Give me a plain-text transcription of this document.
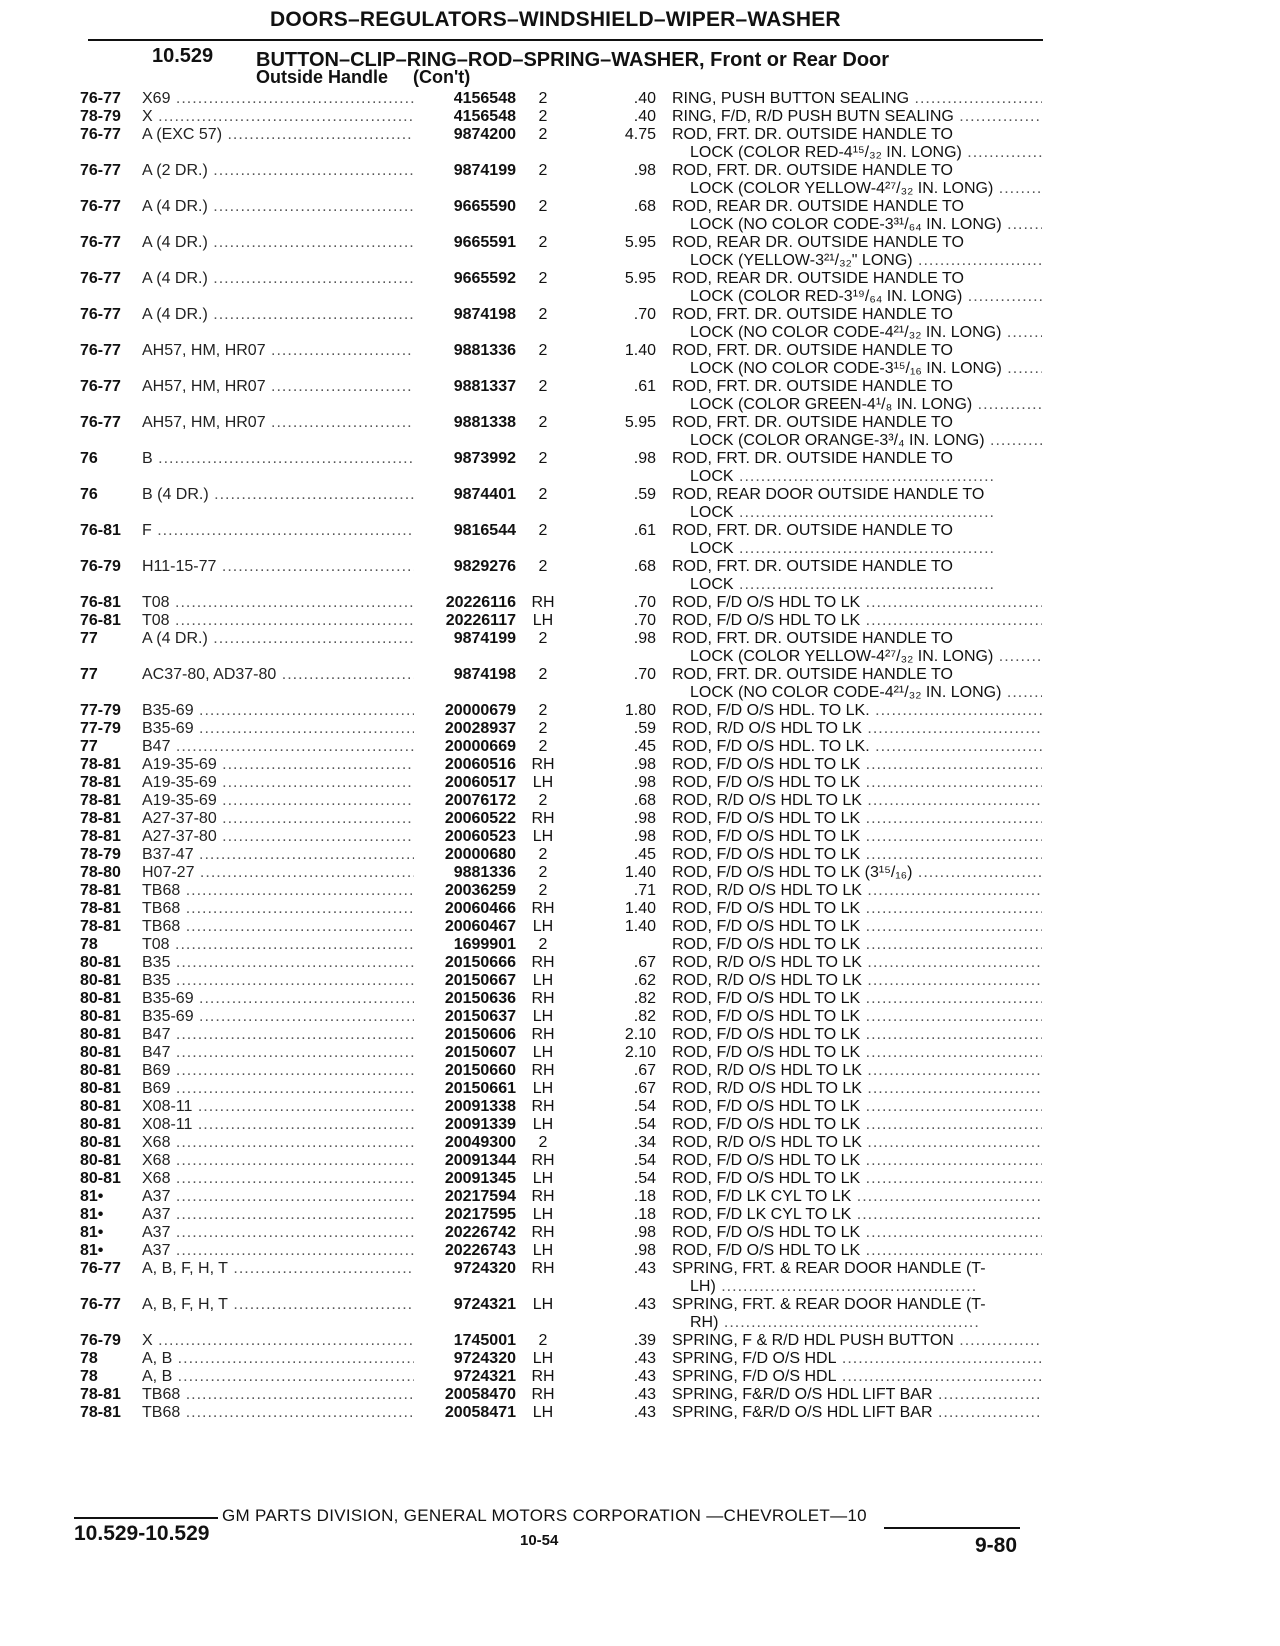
DOORS–REGULATORS–WINDSHIELD–WIPER–WASHER
10.529 BUTTON–CLIP–RING–ROD–SPRING–WASHER, Front or Rear Door
Outside Handle     (Con't)
76-77	X69 .....	4156548	2	.40 RING, PUSH BUTTON SEALING .....
78-79	X .....	4156548	2	.40 RING, F/D, R/D PUSH BUTN SEALING .....
76-77	A (EXC 57) .....	9874200	2	4.75 ROD, FRT. DR. OUTSIDE HANDLE TO
LOCK (COLOR RED-4¹⁵/₃₂ IN. LONG) .....
76-77	A (2 DR.) .....	9874199	2	.98 ROD, FRT. DR. OUTSIDE HANDLE TO
LOCK (COLOR YELLOW-4²⁷/₃₂ IN. LONG) .....
76-77	A (4 DR.) .....	9665590	2	.68 ROD, REAR DR. OUTSIDE HANDLE TO
LOCK (NO COLOR CODE-3³¹/₆₄ IN. LONG) .....
76-77	A (4 DR.) .....	9665591	2	5.95 ROD, REAR DR. OUTSIDE HANDLE TO
LOCK (YELLOW-3²¹/₃₂" LONG) .....
76-77	A (4 DR.) .....	9665592	2	5.95 ROD, REAR DR. OUTSIDE HANDLE TO
LOCK (COLOR RED-3¹⁹/₆₄ IN. LONG) .....
76-77	A (4 DR.) .....	9874198	2	.70 ROD, FRT. DR. OUTSIDE HANDLE TO
LOCK (NO COLOR CODE-4²¹/₃₂ IN. LONG) .....
76-77	AH57, HM, HR07 .....	9881336	2	1.40 ROD, FRT. DR. OUTSIDE HANDLE TO
LOCK (NO COLOR CODE-3¹⁵/₁₆ IN. LONG) .....
76-77	AH57, HM, HR07 .....	9881337	2	.61 ROD, FRT. DR. OUTSIDE HANDLE TO
LOCK (COLOR GREEN-4¹/₈ IN. LONG) .....
76-77	AH57, HM, HR07 .....	9881338	2	5.95 ROD, FRT. DR. OUTSIDE HANDLE TO
LOCK (COLOR ORANGE-3³/₄ IN. LONG) .....
76	B .....	9873992	2	.98 ROD, FRT. DR. OUTSIDE HANDLE TO
LOCK .....
76	B (4 DR.) .....	9874401	2	.59 ROD, REAR DOOR OUTSIDE HANDLE TO
LOCK .....
76-81	F .....	9816544	2	.61 ROD, FRT. DR. OUTSIDE HANDLE TO
LOCK .....
76-79	H11-15-77 .....	9829276	2	.68 ROD, FRT. DR. OUTSIDE HANDLE TO
LOCK .....
76-81	T08 .....	20226116 RH	.70 ROD, F/D O/S HDL TO LK .....
76-81	T08 .....	20226117 LH	.70 ROD, F/D O/S HDL TO LK .....
77	A (4 DR.) .....	9874199	2	.98 ROD, FRT. DR. OUTSIDE HANDLE TO
LOCK (COLOR YELLOW-4²⁷/₃₂ IN. LONG) .....
77	AC37-80, AD37-80 .....	9874198	2	.70 ROD, FRT. DR. OUTSIDE HANDLE TO
LOCK (NO COLOR CODE-4²¹/₃₂ IN. LONG) .....
77-79	B35-69 .....	20000679	2	1.80 ROD, F/D O/S HDL. TO LK. .....
77-79	B35-69 .....	20028937	2	.59 ROD, R/D O/S HDL TO LK .....
77	B47 .....	20000669	2	.45 ROD, F/D O/S HDL. TO LK. .....
78-81	A19-35-69 .....	20060516 RH	.98 ROD, F/D O/S HDL TO LK .....
78-81	A19-35-69 .....	20060517 LH	.98 ROD, F/D O/S HDL TO LK .....
78-81	A19-35-69 .....	20076172	2	.68 ROD, R/D O/S HDL TO LK .....
78-81	A27-37-80 .....	20060522 RH	.98 ROD, F/D O/S HDL TO LK .....
78-81	A27-37-80 .....	20060523 LH	.98 ROD, F/D O/S HDL TO LK .....
78-79	B37-47 .....	20000680	2	.45 ROD, F/D O/S HDL TO LK .....
78-80	H07-27 .....	9881336	2	1.40 ROD, F/D O/S HDL TO LK (3¹⁵/₁₆) .....
78-81	TB68 .....	20036259	2	.71 ROD, R/D O/S HDL TO LK .....
78-81	TB68 .....	20060466 RH	1.40 ROD, F/D O/S HDL TO LK .....
78-81	TB68 .....	20060467 LH	1.40 ROD, F/D O/S HDL TO LK .....
78	T08 .....	1699901	2	ROD, F/D O/S HDL TO LK .....
80-81	B35 .....	20150666 RH	.67 ROD, R/D O/S HDL TO LK .....
80-81	B35 .....	20150667 LH	.62 ROD, R/D O/S HDL TO LK .....
80-81	B35-69 .....	20150636 RH	.82 ROD, F/D O/S HDL TO LK .....
80-81	B35-69 .....	20150637 LH	.82 ROD, F/D O/S HDL TO LK .....
80-81	B47 .....	20150606 RH	2.10 ROD, F/D O/S HDL TO LK .....
80-81	B47 .....	20150607 LH	2.10 ROD, F/D O/S HDL TO LK .....
80-81	B69 .....	20150660 RH	.67 ROD, R/D O/S HDL TO LK .....
80-81	B69 .....	20150661 LH	.67 ROD, R/D O/S HDL TO LK .....
80-81	X08-11 .....	20091338 RH	.54 ROD, F/D O/S HDL TO LK .....
80-81	X08-11 .....	20091339 LH	.54 ROD, F/D O/S HDL TO LK .....
80-81	X68 .....	20049300	2	.34 ROD, R/D O/S HDL TO LK .....
80-81	X68 .....	20091344 RH	.54 ROD, F/D O/S HDL TO LK .....
80-81	X68 .....	20091345 LH	.54 ROD, F/D O/S HDL TO LK .....
81•	A37 .....	20217594 RH	.18 ROD, F/D LK CYL TO LK .....
81•	A37 .....	20217595 LH	.18 ROD, F/D LK CYL TO LK .....
81•	A37 .....	20226742 RH	.98 ROD, F/D O/S HDL TO LK .....
81•	A37 .....	20226743 LH	.98 ROD, F/D O/S HDL TO LK .....
76-77	A, B, F, H, T .....	9724320 RH	.43 SPRING, FRT. & REAR DOOR HANDLE (T-
LH) .....
76-77	A, B, F, H, T .....	9724321 LH	.43 SPRING, FRT. & REAR DOOR HANDLE (T-
RH) .....
76-79	X .....	1745001	2	.39 SPRING, F & R/D HDL PUSH BUTTON .....
78	A, B .....	9724320 LH	.43 SPRING, F/D O/S HDL .....
78	A, B .....	9724321 RH	.43 SPRING, F/D O/S HDL .....
78-81	TB68 .....	20058470 RH	.43 SPRING, F&R/D O/S HDL LIFT BAR .....
78-81	TB68 .....	20058471 LH	.43 SPRING, F&R/D O/S HDL LIFT BAR .....
GM PARTS DIVISION, GENERAL MOTORS CORPORATION —CHEVROLET—10
10.529-10.529	10-54	9-80
